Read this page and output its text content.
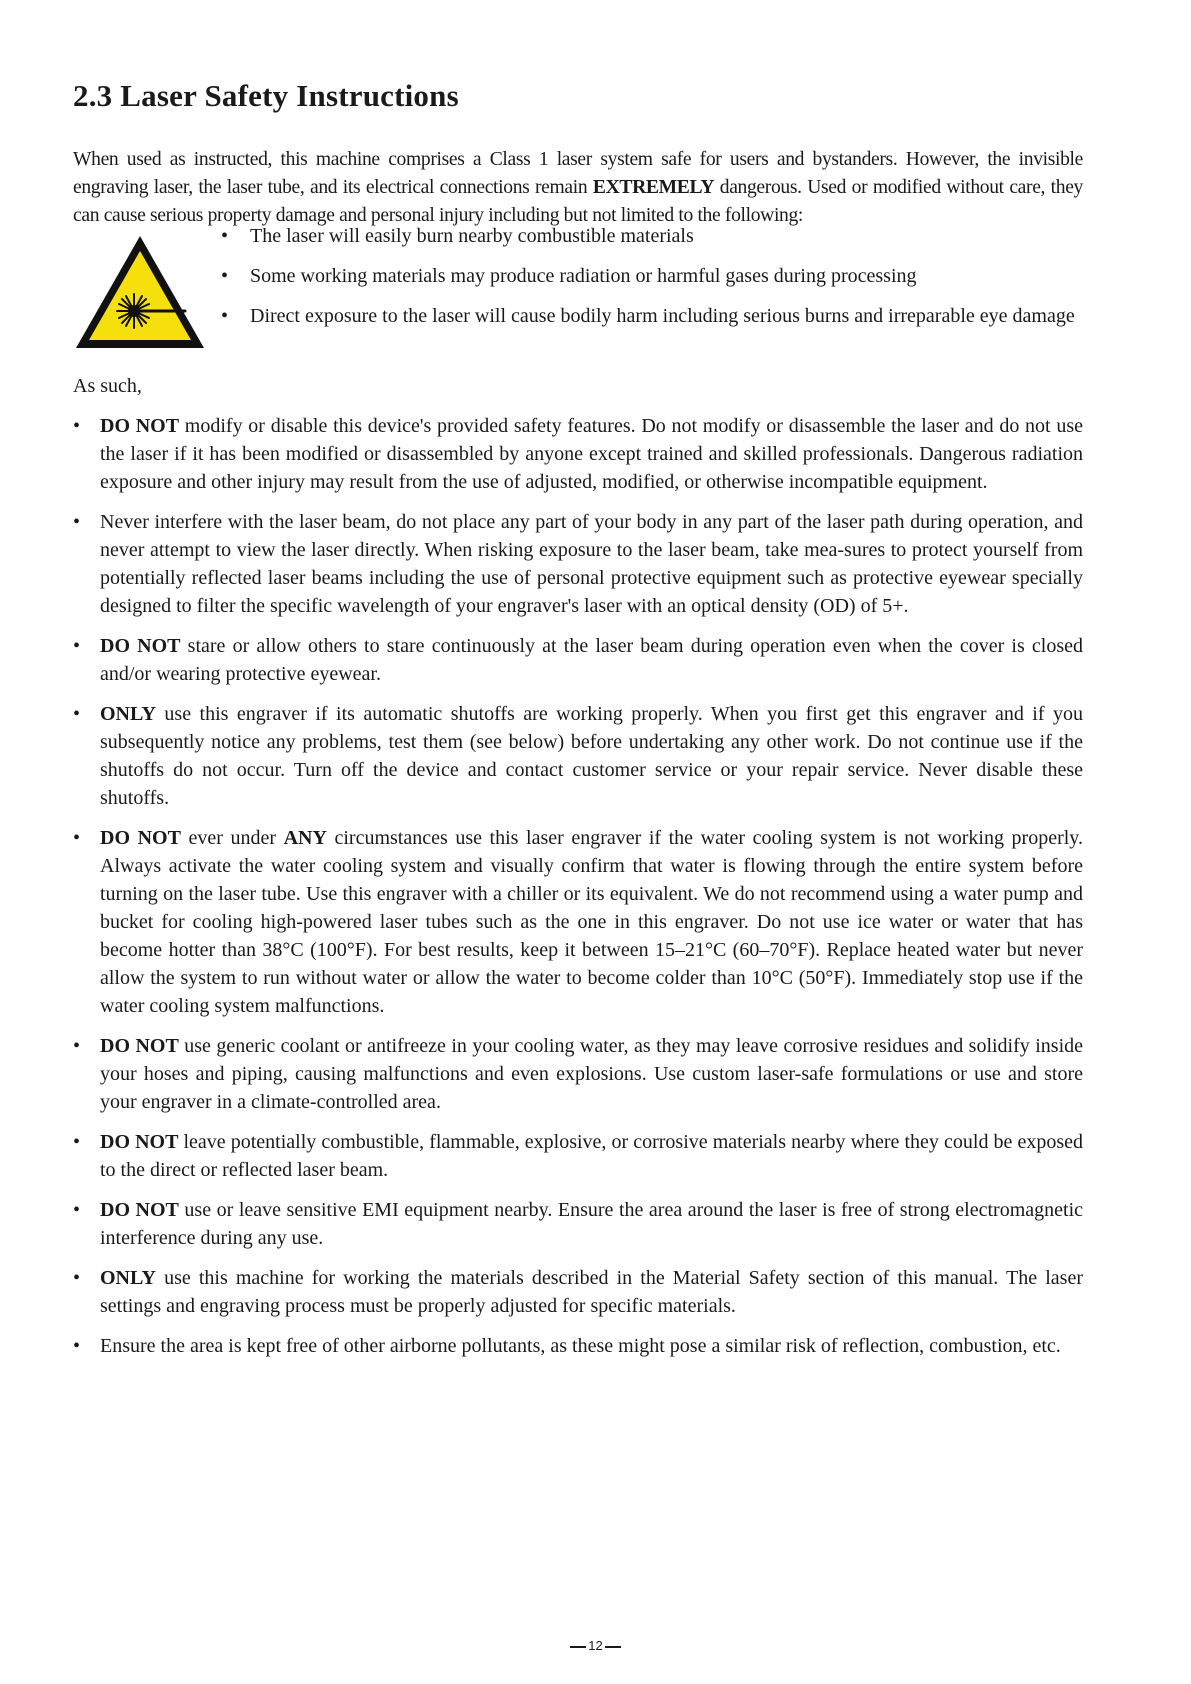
2.3 Laser Safety Instructions

When used as instructed, this machine comprises a Class 1 laser system safe for users and bystanders. However, the invisible engraving laser, the laser tube, and its electrical connections remain EXTREMELY dangerous. Used or modified without care, they can cause serious property damage and personal injury including but not limited to the following:

• The laser will easily burn nearby combustible materials
• Some working materials may produce radiation or harmful gases during processing
• Direct exposure to the laser will cause bodily harm including serious burns and irreparable eye damage
As such,
• DO NOT modify or disable this device's provided safety features. Do not modify or disassemble the laser and do not use the laser if it has been modified or disassembled by anyone except trained and skilled professionals. Dangerous radiation exposure and other injury may result from the use of adjusted, modified, or otherwise incompatible equipment.
• Never interfere with the laser beam, do not place any part of your body in any part of the laser path during operation, and never attempt to view the laser directly. When risking exposure to the laser beam, take mea-sures to protect yourself from potentially reflected laser beams including the use of personal protective equipment such as protective eyewear specially designed to filter the specific wavelength of your engraver's laser with an optical density (OD) of 5+.
• DO NOT stare or allow others to stare continuously at the laser beam during operation even when the cover is closed and/or wearing protective eyewear.
• ONLY use this engraver if its automatic shutoffs are working properly. When you first get this engraver and if you subsequently notice any problems, test them (see below) before undertaking any other work. Do not continue use if the shutoffs do not occur. Turn off the device and contact customer service or your repair service. Never disable these shutoffs.
• DO NOT ever under ANY circumstances use this laser engraver if the water cooling system is not working properly. Always activate the water cooling system and visually confirm that water is flowing through the entire system before turning on the laser tube. Use this engraver with a chiller or its equivalent. We do not recommend using a water pump and bucket for cooling high-powered laser tubes such as the one in this engraver. Do not use ice water or water that has become hotter than 38°C (100°F). For best results, keep it between 15–21°C (60–70°F). Replace heated water but never allow the system to run without water or allow the water to become colder than 10°C (50°F). Immediately stop use if the water cooling system malfunctions.
• DO NOT use generic coolant or antifreeze in your cooling water, as they may leave corrosive residues and solidify inside your hoses and piping, causing malfunctions and even explosions. Use custom laser-safe formulations or use and store your engraver in a climate-controlled area.
• DO NOT leave potentially combustible, flammable, explosive, or corrosive materials nearby where they could be exposed to the direct or reflected laser beam.
• DO NOT use or leave sensitive EMI equipment nearby. Ensure the area around the laser is free of strong electromagnetic interference during any use.
• ONLY use this machine for working the materials described in the Material Safety section of this manual. The laser settings and engraving process must be properly adjusted for specific materials.
• Ensure the area is kept free of other airborne pollutants, as these might pose a similar risk of reflection, combustion, etc.
12
